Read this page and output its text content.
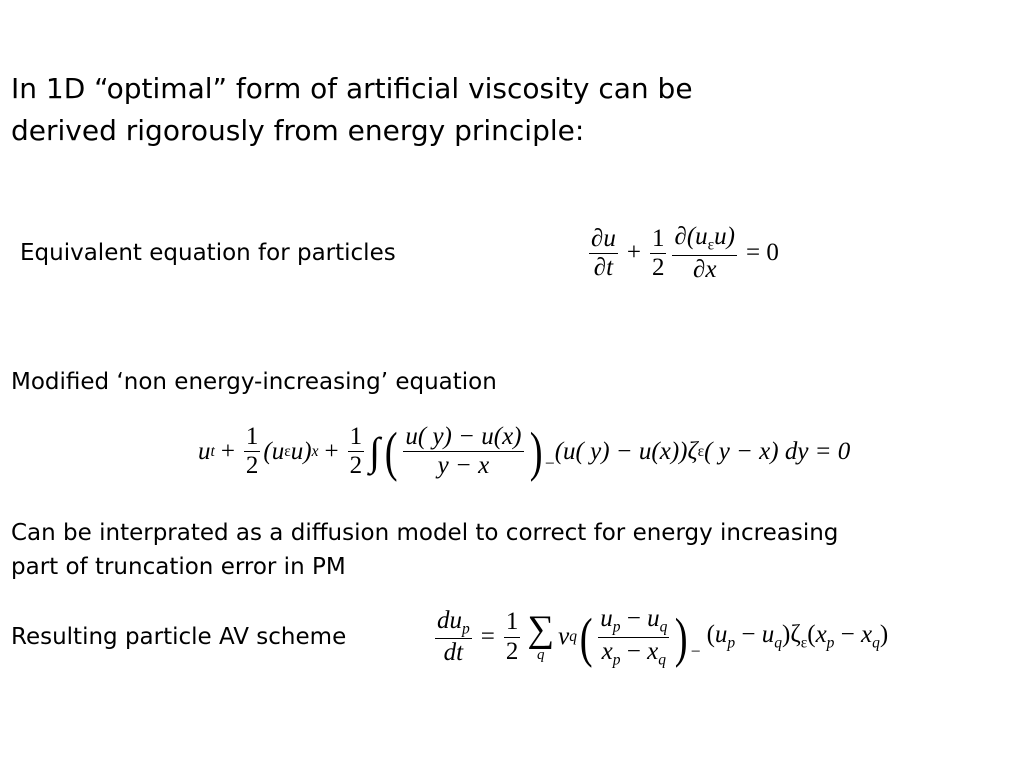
In 1D “optimal” form of artificial viscosity can be
derived rigorously from energy principle:
Equivalent equation for particles	$\frac{\partial u}{\partial t} + \frac{1}{2} \frac{\partial(u_\varepsilon u)}{\partial x} = 0$
Modified ‘non energy-increasing’ equation
u $t + \frac{1}{2} (u$ ε u) $x + \frac{1}{2}$ ∫ ( $\frac{u( y) - u(x)}{y - x}$ ) − (u( y) − u(x))ζ ε ( y − x) dy = 0
Can be interprated as a diffusion model to correct for energy increasing
part of truncation error in PM
Resulting particle AV scheme	$\frac{du_p}{dt} = \frac{1}{2}$ ∑
q
v q ( $\frac{u_p - u_q}{x_p - x_q}$ ) −
$(u_p - u_q)\zeta_\varepsilon(x_p - x_q)$
